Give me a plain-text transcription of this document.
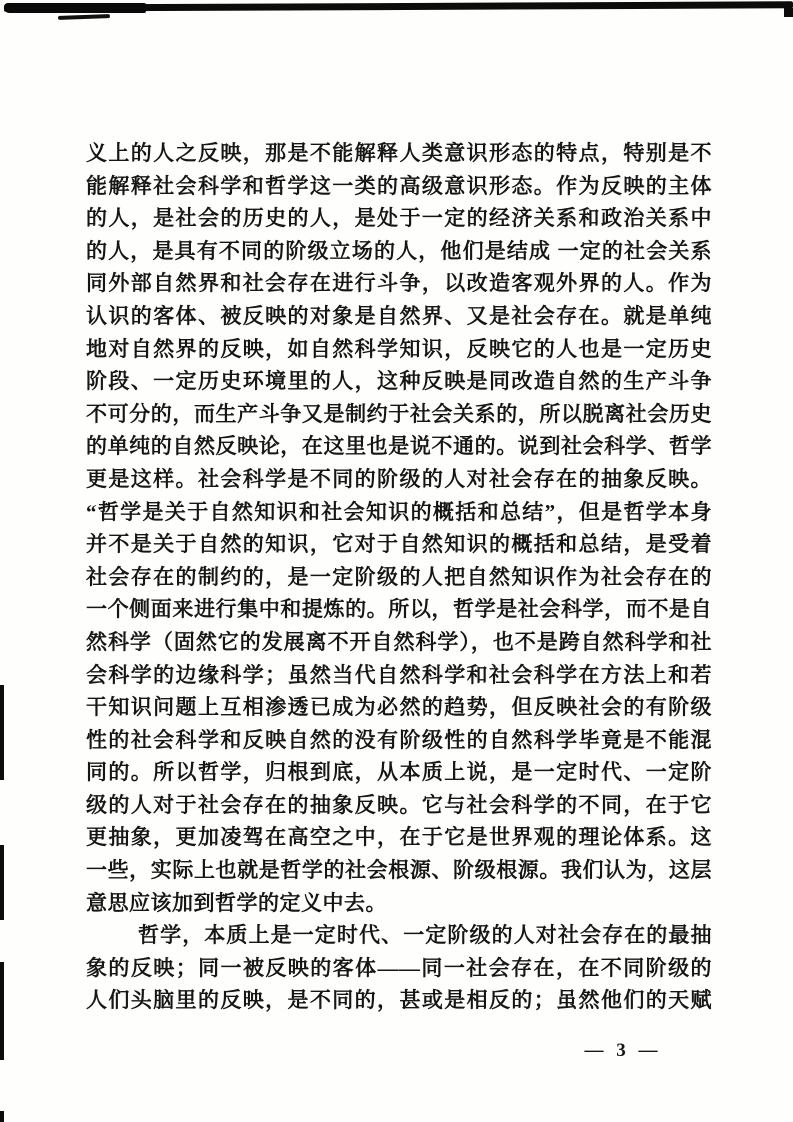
义上的人之反映，那是不能解释人类意识形态的特点，特别是不
能解释社会科学和哲学这一类的高级意识形态。作为反映的主体
的人，是社会的历史的人，是处于一定的经济关系和政治关系中
的人，是具有不同的阶级立场的人，他们是结成 一定的社会关系
同外部自然界和社会存在进行斗争，以改造客观外界的人。作为
认识的客体、被反映的对象是自然界、又是社会存在。就是单纯
地对自然界的反映，如自然科学知识，反映它的人也是一定历史
阶段、一定历史环境里的人，这种反映是同改造自然的生产斗争
不可分的，而生产斗争又是制约于社会关系的，所以脱离社会历史
的单纯的自然反映论，在这里也是说不通的。说到社会科学、哲学
更是这样。社会科学是不同的阶级的人对社会存在的抽象反映。
“哲学是关于自然知识和社会知识的概括和总结”，但是哲学本身
并不是关于自然的知识，它对于自然知识的概括和总结，是受着
社会存在的制约的，是一定阶级的人把自然知识作为社会存在的
一个侧面来进行集中和提炼的。所以，哲学是社会科学，而不是自
然科学（固然它的发展离不开自然科学），也不是跨自然科学和社
会科学的边缘科学；虽然当代自然科学和社会科学在方法上和若
干知识问题上互相渗透已成为必然的趋势，但反映社会的有阶级
性的社会科学和反映自然的没有阶级性的自然科学毕竟是不能混
同的。所以哲学，归根到底，从本质上说，是一定时代、一定阶
级的人对于社会存在的抽象反映。它与社会科学的不同，在于它
更抽象，更加凌驾在高空之中，在于它是世界观的理论体系。这
一些，实际上也就是哲学的社会根源、阶级根源。我们认为，这层
意思应该加到哲学的定义中去。
哲学，本质上是一定时代、一定阶级的人对社会存在的最抽
象的反映；同一被反映的客体——同一社会存在，在不同阶级的
人们头脑里的反映，是不同的，甚或是相反的；虽然他们的天赋
— 3 —
